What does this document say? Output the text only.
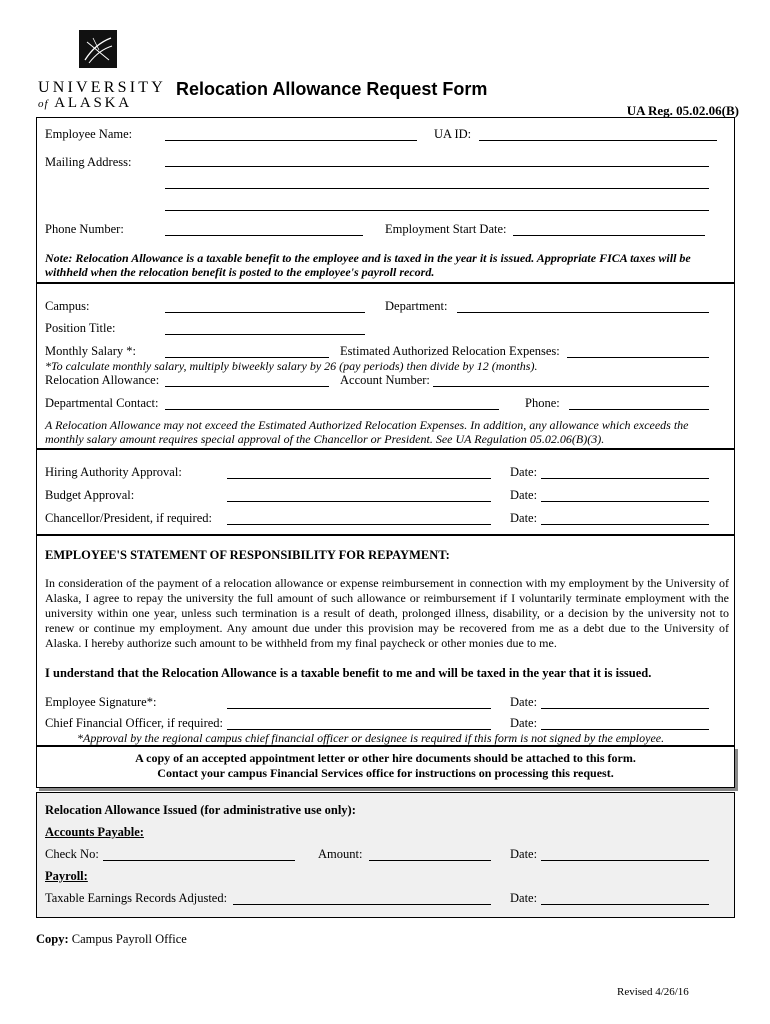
UNIVERSITY
of ALASKA
Relocation Allowance Request Form
UA Reg. 05.02.06(B)
Employee Name:	UA ID:
Mailing Address:
Phone Number:	Employment Start Date:
Note: Relocation Allowance is a taxable benefit to the employee and is taxed in the year it is issued. Appropriate FICA taxes will be withheld when the relocation benefit is posted to the employee's payroll record.
Campus:	Department:
Position Title:
Monthly Salary *:	Estimated Authorized Relocation Expenses:
*To calculate monthly salary, multiply biweekly salary by 26 (pay periods) then divide by 12 (months).
Relocation Allowance:	Account Number:
Departmental Contact:	Phone:
A Relocation Allowance may not exceed the Estimated Authorized Relocation Expenses. In addition, any allowance which exceeds the monthly salary amount requires special approval of the Chancellor or President. See UA Regulation 05.02.06(B)(3).
Hiring Authority Approval:	Date:
Budget Approval:	Date:
Chancellor/President, if required:	Date:
EMPLOYEE'S STATEMENT OF RESPONSIBILITY FOR REPAYMENT:
In consideration of the payment of a relocation allowance or expense reimbursement in connection with my employment by the University of Alaska, I agree to repay the university the full amount of such allowance or reimbursement if I voluntarily terminate employment with the university within one year, unless such termination is a result of death, prolonged illness, disability, or a decision by the university not to renew or continue my employment. Any amount due under this provision may be recovered from me as a debt due to the University of Alaska. I hereby authorize such amount to be withheld from my final paycheck or other monies due to me.
I understand that the Relocation Allowance is a taxable benefit to me and will be taxed in the year that it is issued.
Employee Signature*:	Date:
Chief Financial Officer, if required:	Date:
*Approval by the regional campus chief financial officer or designee is required if this form is not signed by the employee.
A copy of an accepted appointment letter or other hire documents should be attached to this form.
Contact your campus Financial Services office for instructions on processing this request.
Relocation Allowance Issued (for administrative use only):
Accounts Payable:
Check No:	Amount:	Date:
Payroll:
Taxable Earnings Records Adjusted:	Date:
Copy: Campus Payroll Office
Revised 4/26/16
